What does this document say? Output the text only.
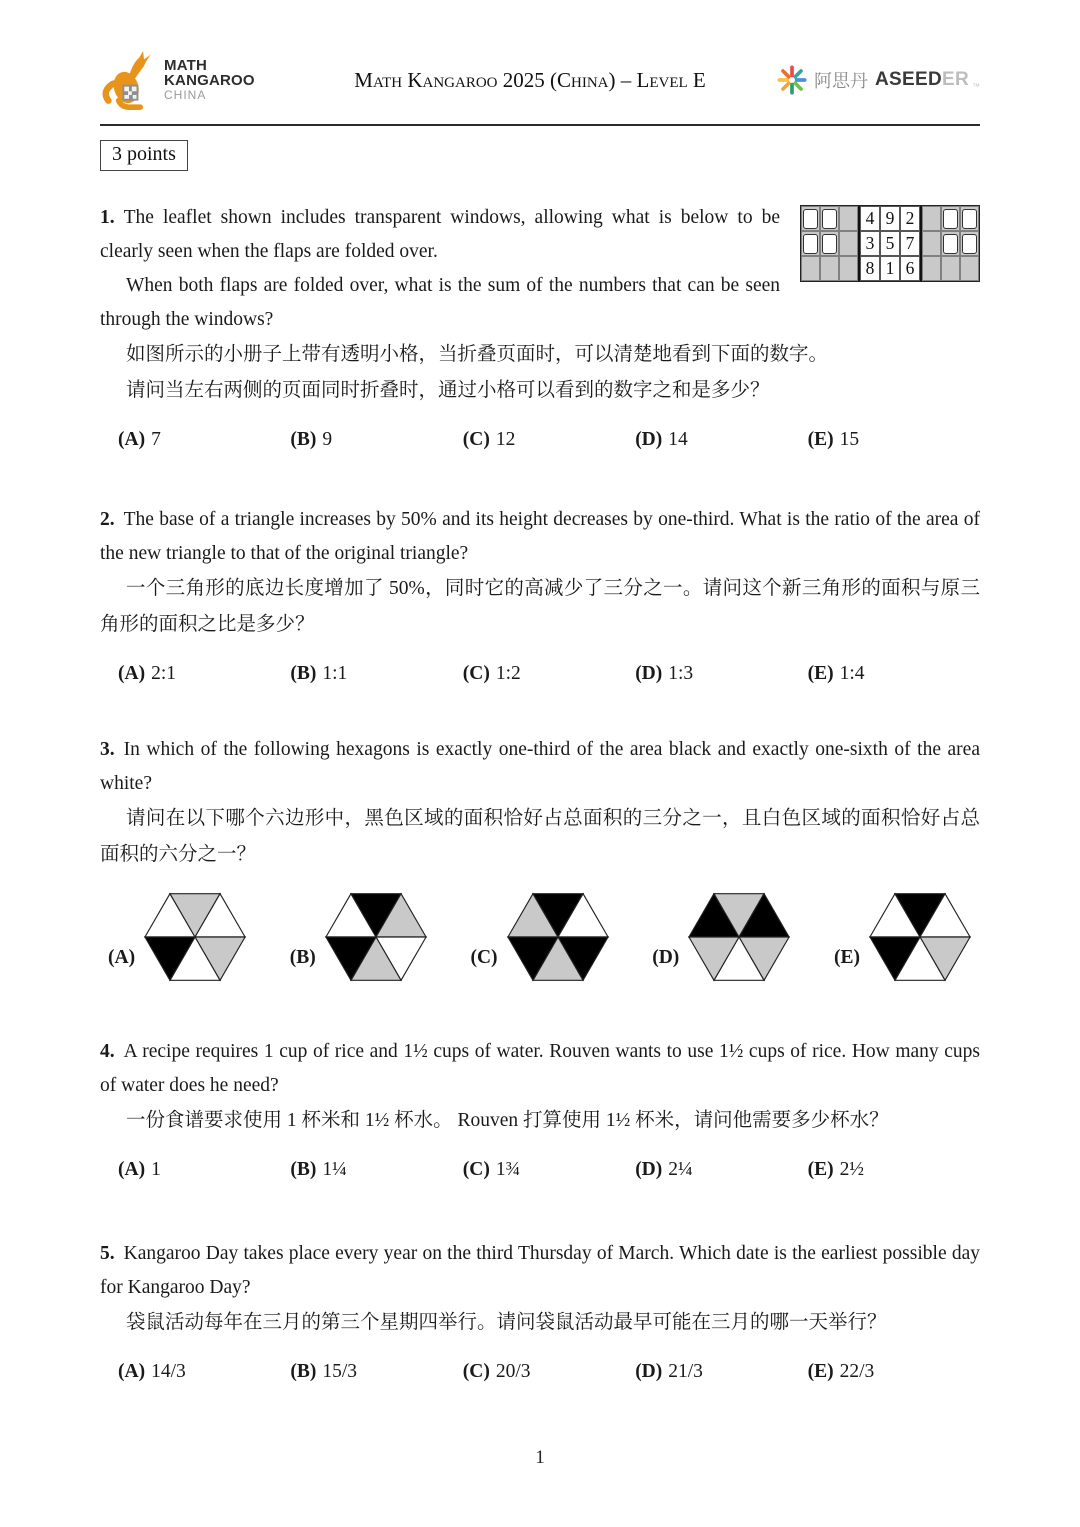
MATH
KANGAROO
CHINA
Math Kangaroo 2025 (China) – Level E	阿思丹 ASEEDER ™
3 points
4 9 2
3 5 7
8 1 6

1. The leaflet shown includes transparent windows, allowing what is below to be clearly seen when the flaps are folded over.

When both flaps are folded over, what is the sum of the numbers that can be seen through the windows?

如图所示的小册子上带有透明小格，当折叠页面时，可以清楚地看到下面的数字。

请问当左右两侧的页面同时折叠时，通过小格可以看到的数字之和是多少？

(A) 7	(B) 9	(C) 12	(D) 14	(E) 15

2. The base of a triangle increases by 50% and its height decreases by one-third. What is the ratio of the area of the new triangle to that of the original triangle?

一个三角形的底边长度增加了 50%，同时它的高减少了三分之一。请问这个新三角形的面积与原三角形的面积之比是多少？

(A) 2:1	(B) 1:1	(C) 1:2	(D) 1:3	(E) 1:4

3. In which of the following hexagons is exactly one-third of the area black and exactly one-sixth of the area white?

请问在以下哪个六边形中，黑色区域的面积恰好占总面积的三分之一，且白色区域的面积恰好占总面积的六分之一？

(A)	(B)	(C)	(D)	(E)

4. A recipe requires 1 cup of rice and 1½ cups of water. Rouven wants to use 1½ cups of rice. How many cups of water does he need?

一份食谱要求使用 1 杯米和 1½ 杯水。 Rouven 打算使用 1½ 杯米，请问他需要多少杯水？

(A) 1	(B) 1¼	(C) 1¾	(D) 2¼	(E) 2½

5. Kangaroo Day takes place every year on the third Thursday of March. Which date is the earliest possible day for Kangaroo Day?

袋鼠活动每年在三月的第三个星期四举行。请问袋鼠活动最早可能在三月的哪一天举行？

(A) 14/3	(B) 15/3	(C) 20/3	(D) 21/3	(E) 22/3
1
